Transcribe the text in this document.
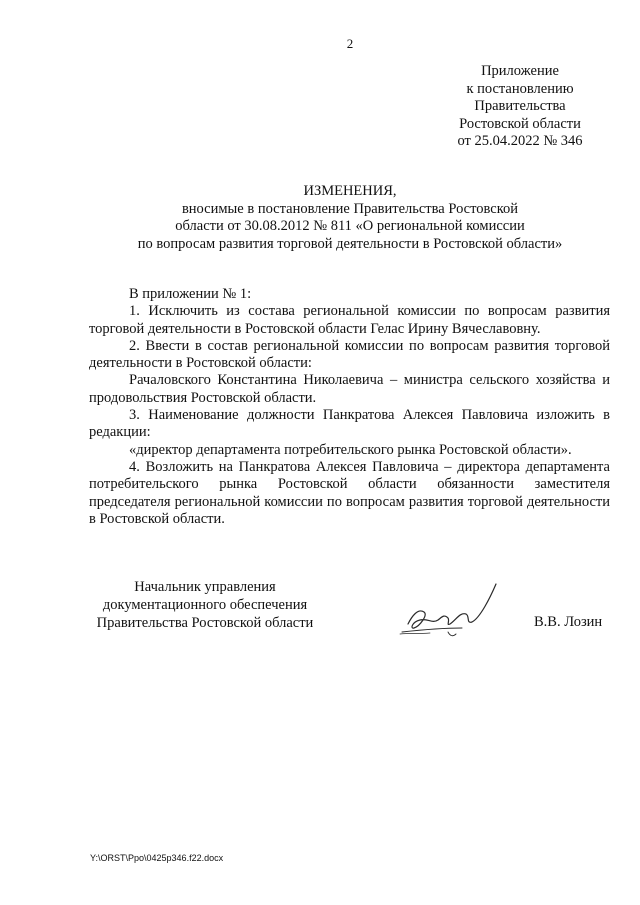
2
Приложение
к постановлению
Правительства
Ростовской области
от 25.04.2022 № 346
ИЗМЕНЕНИЯ,
вносимые в постановление Правительства Ростовской
области от 30.08.2012 № 811 «О региональной комиссии
по вопросам развития торговой деятельности в Ростовской области»

В приложении № 1:

1. Исключить из состава региональной комиссии по вопросам развития торговой деятельности в Ростовской области Гелас Ирину Вячеславовну.

2. Ввести в состав региональной комиссии по вопросам развития торговой деятельности в Ростовской области:

Рачаловского Константина Николаевича – министра сельского хозяйства и продовольствия Ростовской области.

3. Наименование должности Панкратова Алексея Павловича изложить в редакции:

«директор департамента потребительского рынка Ростовской области».

4. Возложить на Панкратова Алексея Павловича – директора департамента потребительского рынка Ростовской области обязанности заместителя председателя региональной комиссии по вопросам развития торговой деятельности в Ростовской области.

Начальник управления
документационного обеспечения
Правительства Ростовской области	В.В. Лозин
Y:\ORST\Ppo\0425p346.f22.docx
